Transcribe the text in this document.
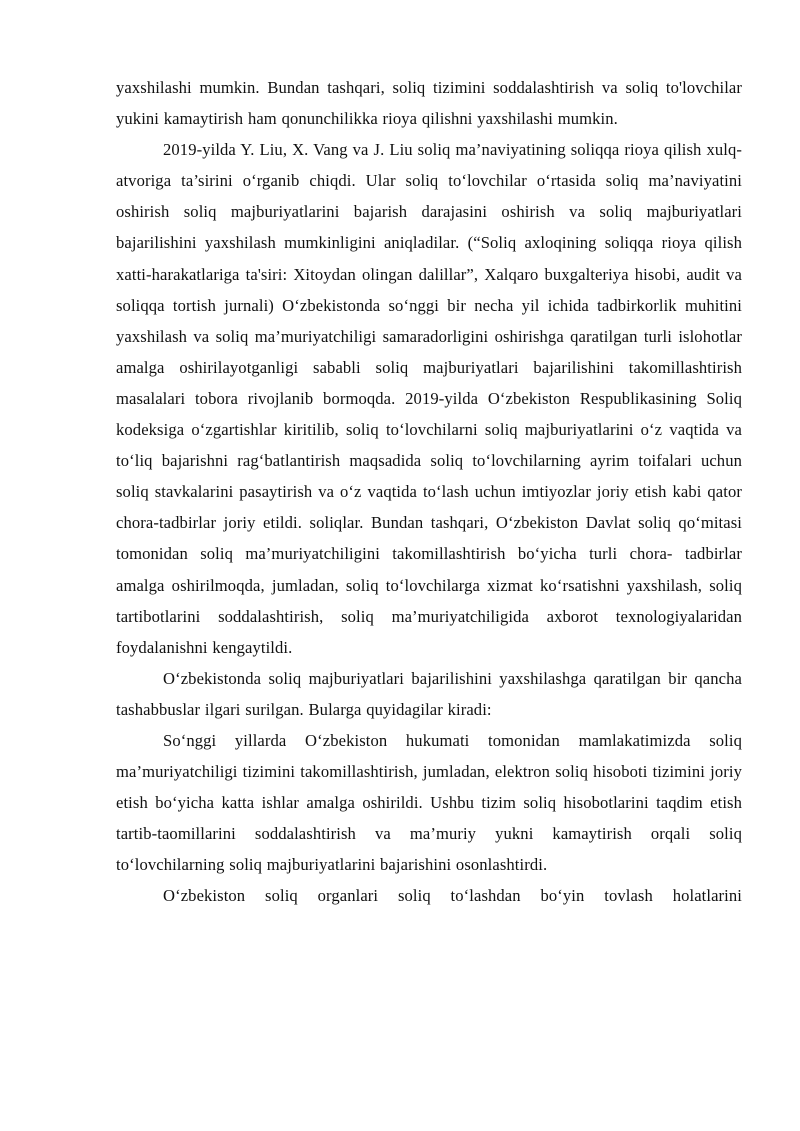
yaxshilashi mumkin. Bundan tashqari, soliq tizimini soddalashtirish va soliq to'lovchilar yukini kamaytirish ham qonunchilikka rioya qilishni yaxshilashi mumkin.

2019-yilda Y. Liu, X. Vang va J. Liu soliq ma’naviyatining soliqqa rioya qilish xulq-atvoriga ta’sirini o‘rganib chiqdi. Ular soliq to‘lovchilar o‘rtasida soliq ma’naviyatini oshirish soliq majburiyatlarini bajarish darajasini oshirish va soliq majburiyatlari bajarilishini yaxshilash mumkinligini aniqladilar. (“Soliq axloqining soliqqa rioya qilish xatti-harakatlariga ta'siri: Xitoydan olingan dalillar”, Xalqaro buxgalteriya hisobi, audit va soliqqa tortish jurnali) O‘zbekistonda so‘nggi bir necha yil ichida tadbirkorlik muhitini yaxshilash va soliq ma’muriyatchiligi samaradorligini oshirishga qaratilgan turli islohotlar amalga oshirilayotganligi sababli soliq majburiyatlari bajarilishini takomillashtirish masalalari tobora rivojlanib bormoqda. 2019-yilda O‘zbekiston Respublikasining Soliq kodeksiga o‘zgartishlar kiritilib, soliq to‘lovchilarni soliq majburiyatlarini o‘z vaqtida va to‘liq bajarishni rag‘batlantirish maqsadida soliq to‘lovchilarning ayrim toifalari uchun soliq stavkalarini pasaytirish va o‘z vaqtida to‘lash uchun imtiyozlar joriy etish kabi qator chora-tadbirlar joriy etildi. soliqlar. Bundan tashqari, O‘zbekiston Davlat soliq qo‘mitasi tomonidan soliq ma’muriyatchiligini takomillashtirish bo‘yicha turli chora- tadbirlar amalga oshirilmoqda, jumladan, soliq to‘lovchilarga xizmat ko‘rsatishni yaxshilash, soliq tartibotlarini soddalashtirish, soliq ma’muriyatchiligida axborot texnologiyalaridan foydalanishni kengaytildi.

O‘zbekistonda soliq majburiyatlari bajarilishini yaxshilashga qaratilgan bir qancha tashabbuslar ilgari surilgan. Bularga quyidagilar kiradi:

So‘nggi yillarda O‘zbekiston hukumati tomonidan mamlakatimizda soliq ma’muriyatchiligi tizimini takomillashtirish, jumladan, elektron soliq hisoboti tizimini joriy etish bo‘yicha katta ishlar amalga oshirildi. Ushbu tizim soliq hisobotlarini taqdim etish tartib-taomillarini soddalashtirish va ma’muriy yukni kamaytirish orqali soliq to‘lovchilarning soliq majburiyatlarini bajarishini osonlashtirdi.

O‘zbekiston soliq organlari soliq to‘lashdan bo‘yin tovlash holatlarini
